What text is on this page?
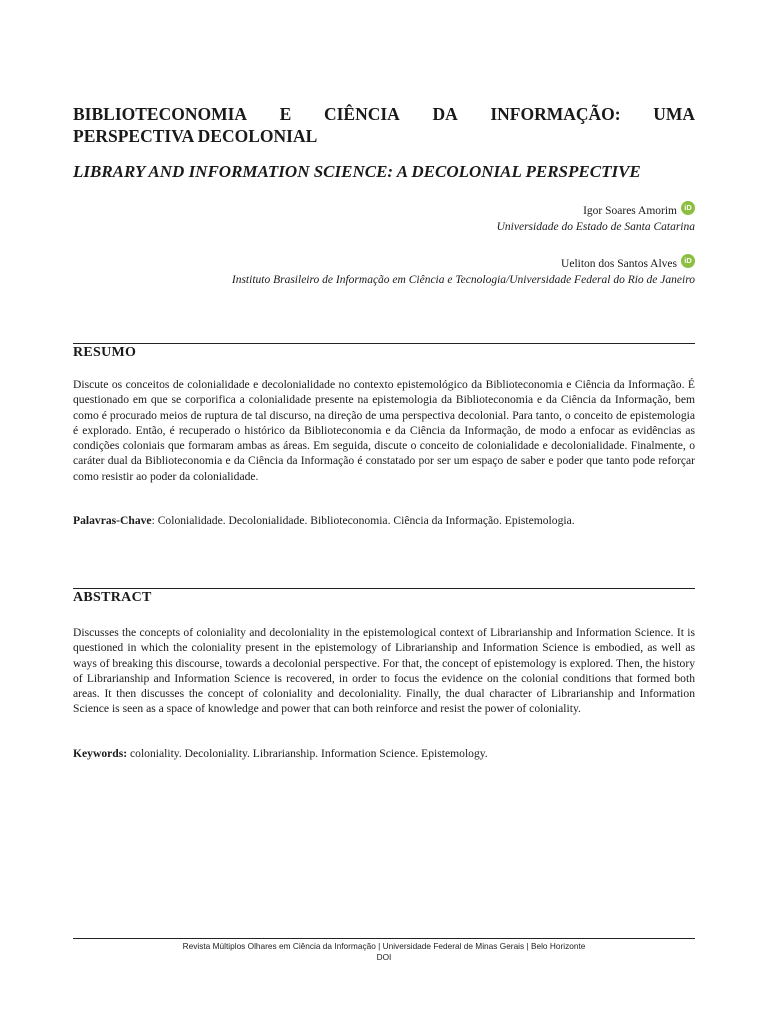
BIBLIOTECONOMIA E CIÊNCIA DA INFORMAÇÃO: UMA
PERSPECTIVA DECOLONIAL
LIBRARY AND INFORMATION SCIENCE: A DECOLONIAL PERSPECTIVE
Igor Soares Amorim iD
Universidade do Estado de Santa Catarina
Ueliton dos Santos Alves iD
Instituto Brasileiro de Informação em Ciência e Tecnologia/Universidade Federal do Rio de Janeiro
RESUMO
Discute os conceitos de colonialidade e decolonialidade no contexto epistemológico da Biblioteconomia e Ciência da Informação. É questionado em que se corporifica a colonialidade presente na epistemologia da Biblioteconomia e da Ciência da Informação, bem como é procurado meios de ruptura de tal discurso, na direção de uma perspectiva decolonial. Para tanto, o conceito de epistemologia é explorado. Então, é recuperado o histórico da Biblioteconomia e da Ciência da Informação, de modo a enfocar as evidências as condições coloniais que formaram ambas as áreas. Em seguida, discute o conceito de colonialidade e decolonialidade. Finalmente, o caráter dual da Biblioteconomia e da Ciência da Informação é constatado por ser um espaço de saber e poder que tanto pode reforçar como resistir ao poder da colonialidade.
Palavras-Chave: Colonialidade. Decolonialidade. Biblioteconomia. Ciência da Informação. Epistemologia.
ABSTRACT
Discusses the concepts of coloniality and decoloniality in the epistemological context of Librarianship and Information Science. It is questioned in which the coloniality present in the epistemology of Librarianship and Information Science is embodied, as well as ways of breaking this discourse, towards a decolonial perspective. For that, the concept of epistemology is explored. Then, the history of Librarianship and Information Science is recovered, in order to focus the evidence on the colonial conditions that formed both areas. It then discusses the concept of coloniality and decoloniality. Finally, the dual character of Librarianship and Information Science is seen as a space of knowledge and power that can both reinforce and resist the power of coloniality.
Keywords: coloniality. Decoloniality. Librarianship. Information Science. Epistemology.
Revista Múltiplos Olhares em Ciência da Informação | Universidade Federal de Minas Gerais | Belo Horizonte
DOI
